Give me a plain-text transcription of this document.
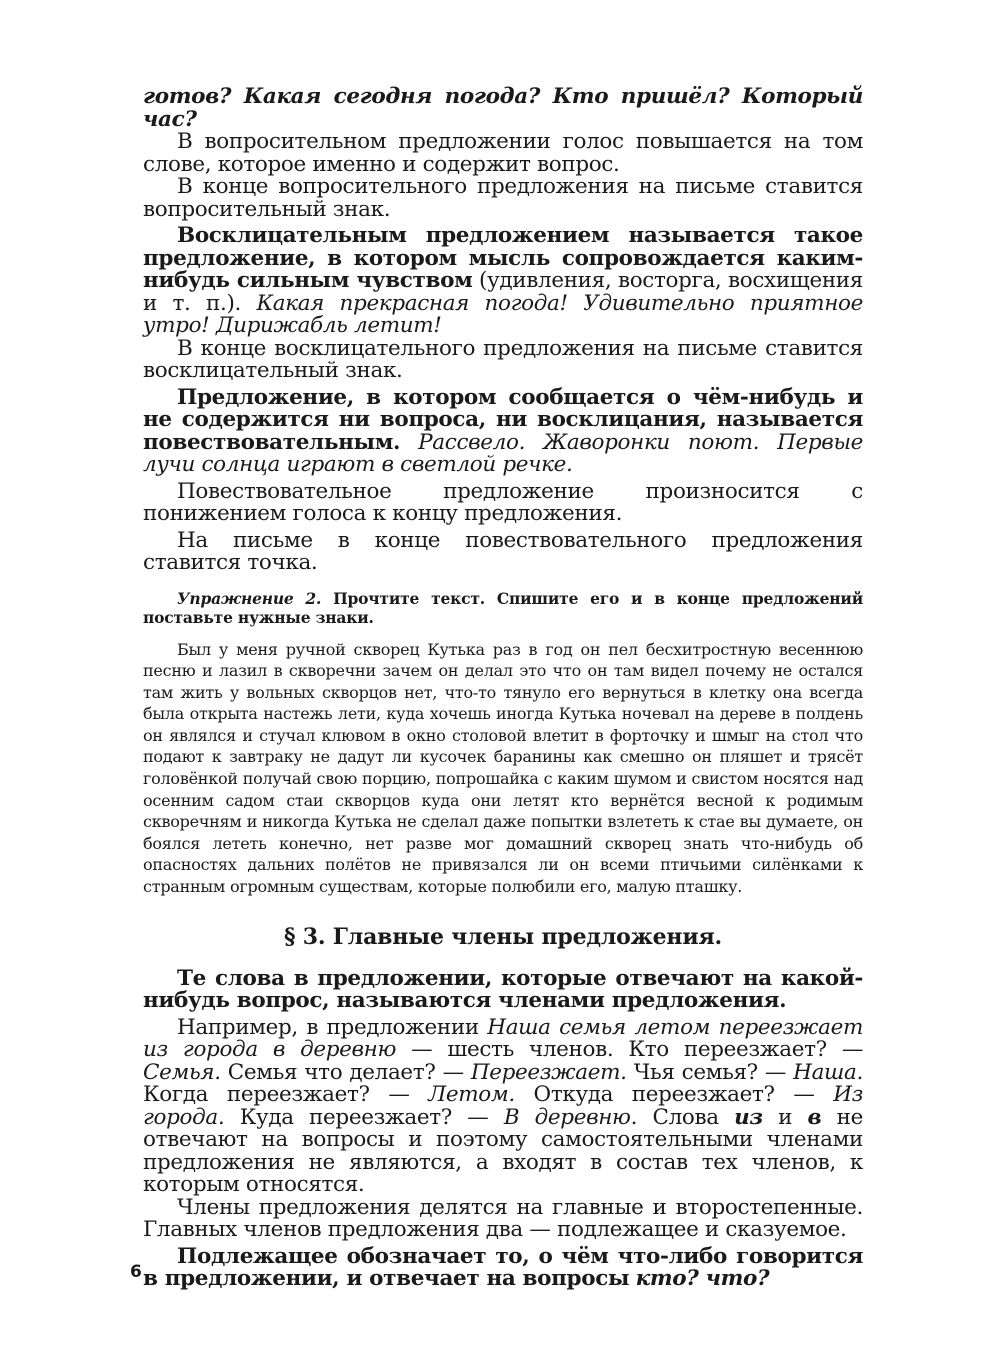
готов? Какая сегодня погода? Кто пришёл? Который час?

В вопросительном предложении голос повышается на том слове, которое именно и содержит вопрос.

В конце вопросительного предложения на письме ставится вопросительный знак.

Восклицательным предложением называется такое предложение, в котором мысль сопровождается каким-нибудь сильным чувством (удивления, восторга, восхищения и т. п.). Какая прекрасная погода! Удивительно приятное утро! Дирижабль летит!

В конце восклицательного предложения на письме ставится восклицательный знак.

Предложение, в котором сообщается о чём-нибудь и не содержится ни вопроса, ни восклицания, называется повествовательным. Рассвело. Жаворонки поют. Первые лучи солнца играют в светлой речке.

Повествовательное предложение произносится с понижением голоса к концу предложения.

На письме в конце повествовательного предложения ставится точка.

Упражнение 2. Прочтите текст. Спишите его и в конце предложений поставьте нужные знаки.

Был у меня ручной скворец Кутька раз в год он пел бесхитростную весеннюю песню и лазил в скворечни зачем он делал это что он там видел почему не остался там жить у вольных скворцов нет, что-то тянуло его вернуться в клетку она всегда была открыта настежь лети, куда хочешь иногда Кутька ночевал на дереве в полдень он являлся и стучал клювом в окно столовой влетит в форточку и шмыг на стол что подают к завтраку не дадут ли кусочек баранины как смешно он пляшет и трясёт головёнкой получай свою порцию, попрошайка с каким шумом и свистом носятся над осенним садом стаи скворцов куда они летят кто вернётся весной к родимым скворечням и никогда Кутька не сделал даже попытки взлететь к стае вы думаете, он боялся лететь конечно, нет разве мог домашний скворец знать что-нибудь об опасностях дальних полётов не привязался ли он всеми птичьими силёнками к странным огромным существам, которые полюбили его, малую пташку.

§ 3. Главные члены предложения.

Те слова в предложении, которые отвечают на какой-нибудь вопрос, называются членами предложения.

Например, в предложении Наша семья летом переезжает из города в деревню — шесть членов. Кто переезжает? — Семья. Семья что делает? — Переезжает. Чья семья? — Наша. Когда переезжает? — Летом. Откуда переезжает? — Из города. Куда переезжает? — В деревню. Слова из и в не отвечают на вопросы и поэтому самостоятельными членами предложения не являются, а входят в состав тех членов, к которым относятся.

Члены предложения делятся на главные и второстепенные. Главных членов предложения два — подлежащее и сказуемое.

Подлежащее обозначает то, о чём что-либо говорится в предложении, и отвечает на вопросы кто? что?

6
